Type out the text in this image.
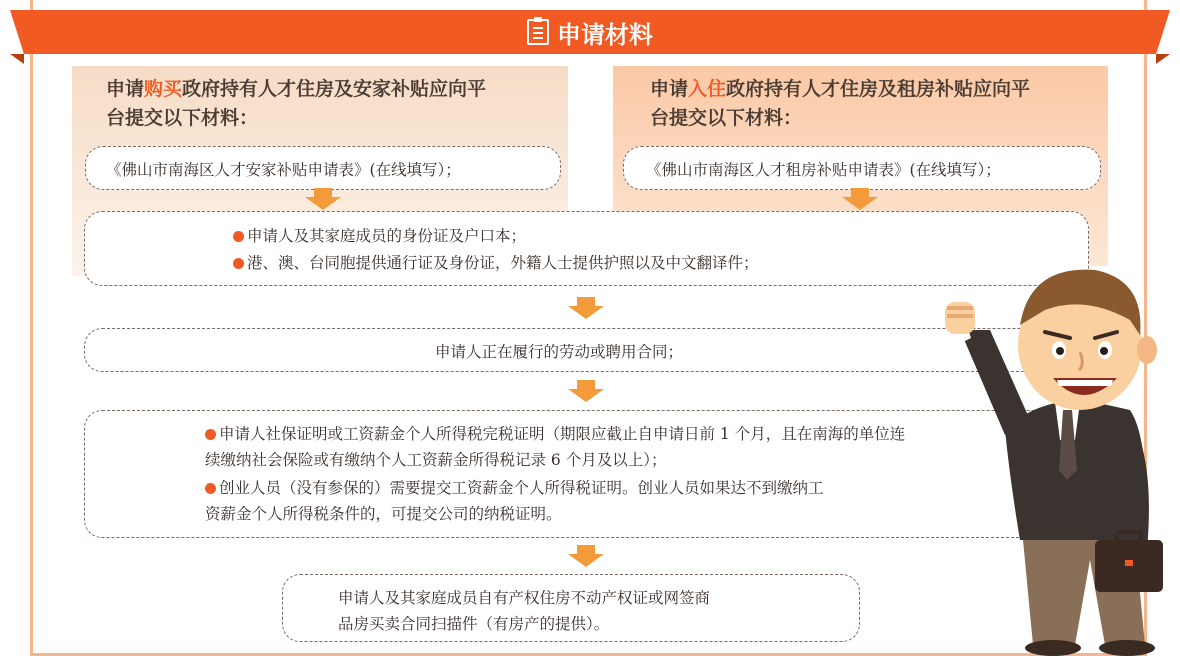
申请材料
申请购买政府持有人才住房及安家补贴应向平
台提交以下材料：
《佛山市南海区人才安家补贴申请表》(在线填写）；
申请入住政府持有人才住房及租房补贴应向平
台提交以下材料：
《佛山市南海区人才租房补贴申请表》(在线填写）；
申请人及其家庭成员的身份证及户口本；
港、澳、台同胞提供通行证及身份证，外籍人士提供护照以及中文翻译件；
申请人正在履行的劳动或聘用合同；
申请人社保证明或工资薪金个人所得税完税证明（期限应截止自申请日前 1 个月，且在南海的单位连
续缴纳社会保险或有缴纳个人工资薪金所得税记录 6 个月及以上）；
创业人员（没有参保的）需要提交工资薪金个人所得税证明。创业人员如果达不到缴纳工
资薪金个人所得税条件的，可提交公司的纳税证明。
申请人及其家庭成员自有产权住房不动产权证或网签商
品房买卖合同扫描件（有房产的提供）。
